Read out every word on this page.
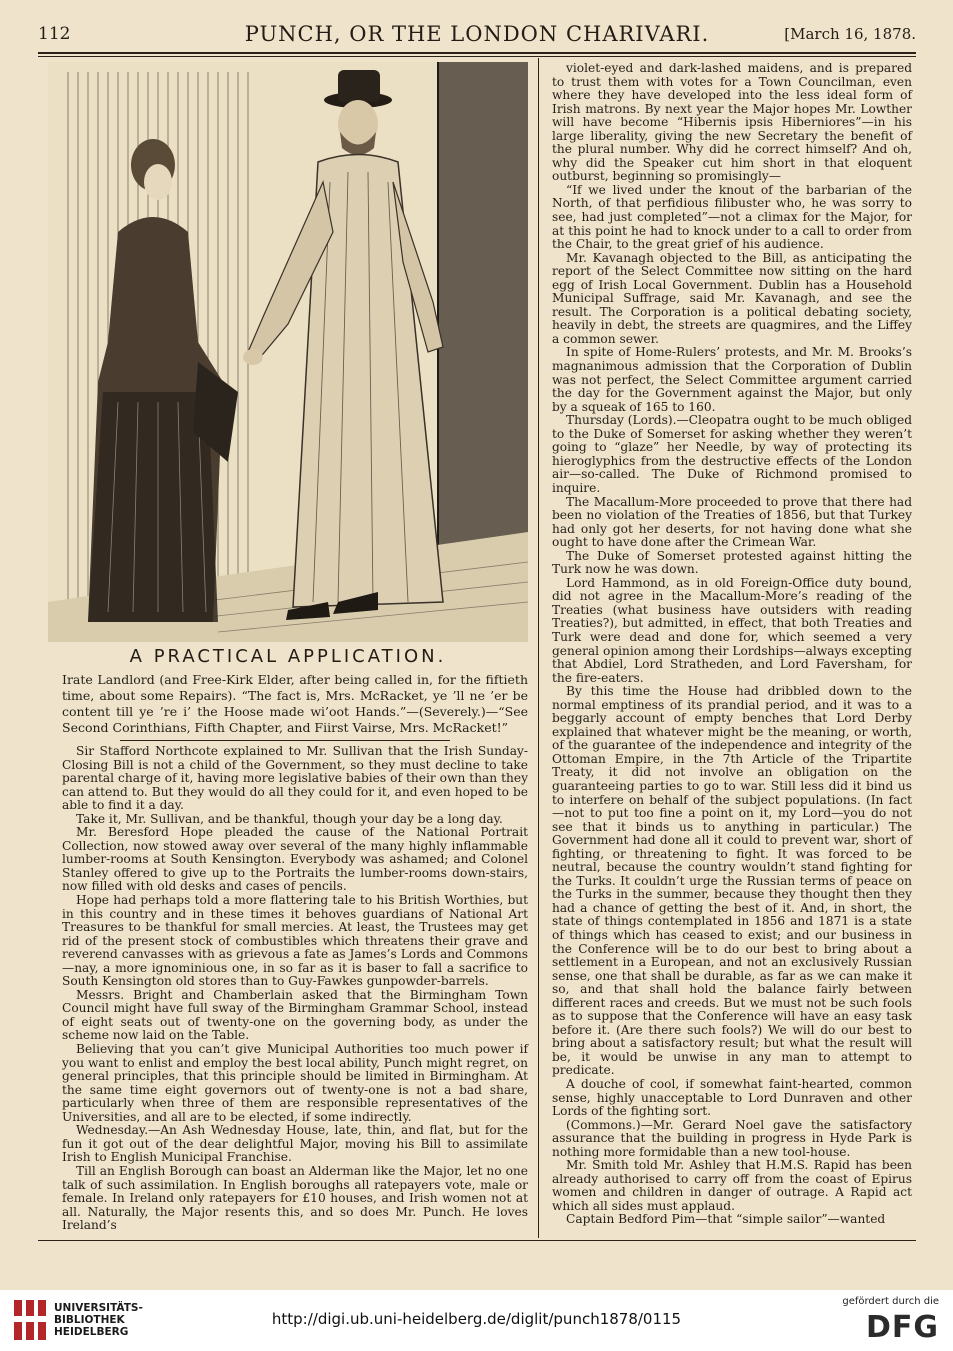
112	PUNCH, OR THE LONDON CHARIVARI.	[March 16, 1878.
A PRACTICAL APPLICATION.

Irate Landlord (and Free-Kirk Elder, after being called in, for the fiftieth time, about some Repairs). “The fact is, Mrs. McRacket, ye ’ll ne ’er be content till ye ’re i’ the Hoose made wi’oot Hands.”—(Severely.)—“See Second Corinthians, Fifth Chapter, and Fiirst Vairse, Mrs. McRacket!”

Sir Stafford Northcote explained to Mr. Sullivan that the Irish Sunday-Closing Bill is not a child of the Government, so they must decline to take parental charge of it, having more legislative babies of their own than they can attend to. But they would do all they could for it, and even hoped to be able to find it a day.

Take it, Mr. Sullivan, and be thankful, though your day be a long day.

Mr. Beresford Hope pleaded the cause of the National Portrait Collection, now stowed away over several of the many highly inflammable lumber-rooms at South Kensington. Everybody was ashamed; and Colonel Stanley offered to give up to the Portraits the lumber-rooms down-stairs, now filled with old desks and cases of pencils.

Hope had perhaps told a more flattering tale to his British Worthies, but in this country and in these times it behoves guardians of National Art Treasures to be thankful for small mercies. At least, the Trustees may get rid of the present stock of combustibles which threatens their grave and reverend canvasses with as grievous a fate as James’s Lords and Commons—nay, a more ignominious one, in so far as it is baser to fall a sacrifice to South Kensington old stores than to Guy-Fawkes gunpowder-barrels.

Messrs. Bright and Chamberlain asked that the Birmingham Town Council might have full sway of the Birmingham Grammar School, instead of eight seats out of twenty-one on the governing body, as under the scheme now laid on the Table.

Believing that you can’t give Municipal Authorities too much power if you want to enlist and employ the best local ability, Punch might regret, on general principles, that this principle should be limited in Birmingham. At the same time eight governors out of twenty-one is not a bad share, particularly when three of them are responsible representatives of the Universities, and all are to be elected, if some indirectly.

Wednesday.—An Ash Wednesday House, late, thin, and flat, but for the fun it got out of the dear delightful Major, moving his Bill to assimilate Irish to English Municipal Franchise.

Till an English Borough can boast an Alderman like the Major, let no one talk of such assimilation. In English boroughs all ratepayers vote, male or female. In Ireland only ratepayers for £10 houses, and Irish women not at all. Naturally, the Major resents this, and so does Mr. Punch. He loves Ireland’s

violet-eyed and dark-lashed maidens, and is prepared to trust them with votes for a Town Councilman, even where they have developed into the less ideal form of Irish matrons. By next year the Major hopes Mr. Lowther will have become “Hibernis ipsis Hiberniores”—in his large liberality, giving the new Secretary the benefit of the plural number. Why did he correct himself? And oh, why did the Speaker cut him short in that eloquent outburst, beginning so promisingly—

“If we lived under the knout of the barbarian of the North, of that perfidious filibuster who, he was sorry to see, had just completed”—not a climax for the Major, for at this point he had to knock under to a call to order from the Chair, to the great grief of his audience.

Mr. Kavanagh objected to the Bill, as anticipating the report of the Select Committee now sitting on the hard egg of Irish Local Government. Dublin has a Household Municipal Suffrage, said Mr. Kavanagh, and see the result. The Corporation is a political debating society, heavily in debt, the streets are quagmires, and the Liffey a common sewer.

In spite of Home-Rulers’ protests, and Mr. M. Brooks’s magnanimous admission that the Corporation of Dublin was not perfect, the Select Committee argument carried the day for the Government against the Major, but only by a squeak of 165 to 160.

Thursday (Lords).—Cleopatra ought to be much obliged to the Duke of Somerset for asking whether they weren’t going to “glaze” her Needle, by way of protecting its hieroglyphics from the destructive effects of the London air—so-called. The Duke of Richmond promised to inquire.

The Macallum-More proceeded to prove that there had been no violation of the Treaties of 1856, but that Turkey had only got her deserts, for not having done what she ought to have done after the Crimean War.

The Duke of Somerset protested against hitting the Turk now he was down.

Lord Hammond, as in old Foreign-Office duty bound, did not agree in the Macallum-More’s reading of the Treaties (what business have outsiders with reading Treaties?), but admitted, in effect, that both Treaties and Turk were dead and done for, which seemed a very general opinion among their Lordships—always excepting that Abdiel, Lord Stratheden, and Lord Faversham, for the fire-eaters.

By this time the House had dribbled down to the normal emptiness of its prandial period, and it was to a beggarly account of empty benches that Lord Derby explained that whatever might be the meaning, or worth, of the guarantee of the independence and integrity of the Ottoman Empire, in the 7th Article of the Tripartite Treaty, it did not involve an obligation on the guaranteeing parties to go to war. Still less did it bind us to interfere on behalf of the subject populations. (In fact—not to put too fine a point on it, my Lord—you do not see that it binds us to anything in particular.) The Government had done all it could to prevent war, short of fighting, or threatening to fight. It was forced to be neutral, because the country wouldn’t stand fighting for the Turks. It couldn’t urge the Russian terms of peace on the Turks in the summer, because they thought then they had a chance of getting the best of it. And, in short, the state of things contemplated in 1856 and 1871 is a state of things which has ceased to exist; and our business in the Conference will be to do our best to bring about a settlement in a European, and not an exclusively Russian sense, one that shall be durable, as far as we can make it so, and that shall hold the balance fairly between different races and creeds. But we must not be such fools as to suppose that the Conference will have an easy task before it. (Are there such fools?) We will do our best to bring about a satisfactory result; but what the result will be, it would be unwise in any man to attempt to predicate.

A douche of cool, if somewhat faint-hearted, common sense, highly unacceptable to Lord Dunraven and other Lords of the fighting sort.

(Commons.)—Mr. Gerard Noel gave the satisfactory assurance that the building in progress in Hyde Park is nothing more formidable than a new tool-house.

Mr. Smith told Mr. Ashley that H.M.S. Rapid has been already authorised to carry off from the coast of Epirus women and children in danger of outrage. A Rapid act which all sides must applaud.

Captain Bedford Pim—that “simple sailor”—wanted

UNIVERSITÄTS-
BIBLIOTHEK
HEIDELBERG

http://digi.ub.uni-heidelberg.de/diglit/punch1878/0115
gefördert durch die
DFG
